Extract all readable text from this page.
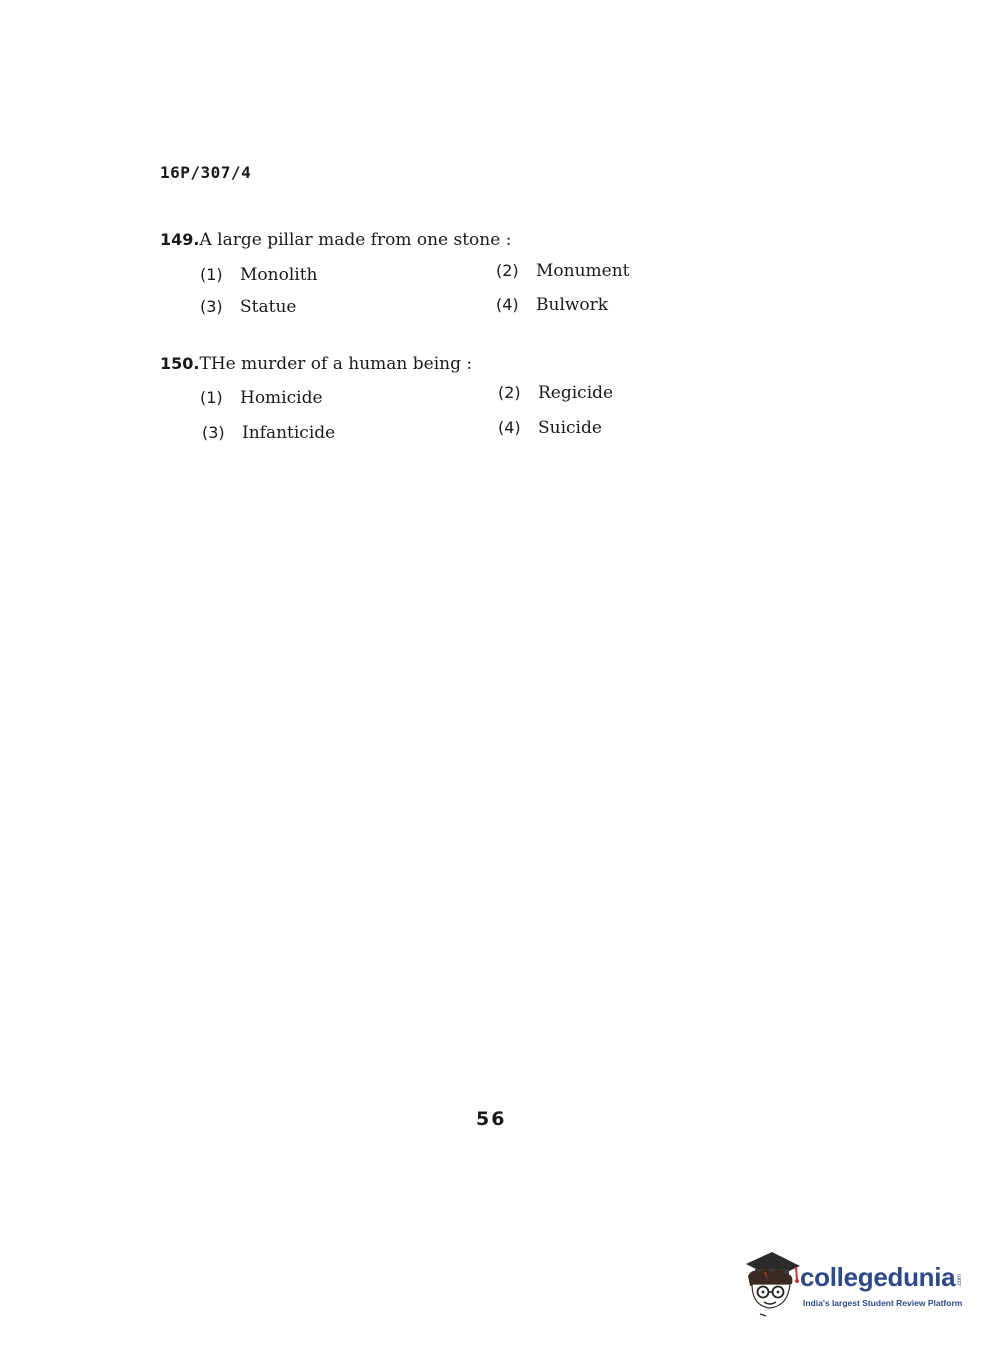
16P/307/4
149.A large pillar made from one stone :
(1) Monolith	(2) Monument
(3) Statue	(4) Bulwork
150.THe murder of a human being :
(1) Homicide	(2) Regicide
(3) Infanticide	(4) Suicide
56
collegedunia .com
India's largest Student Review Platform
